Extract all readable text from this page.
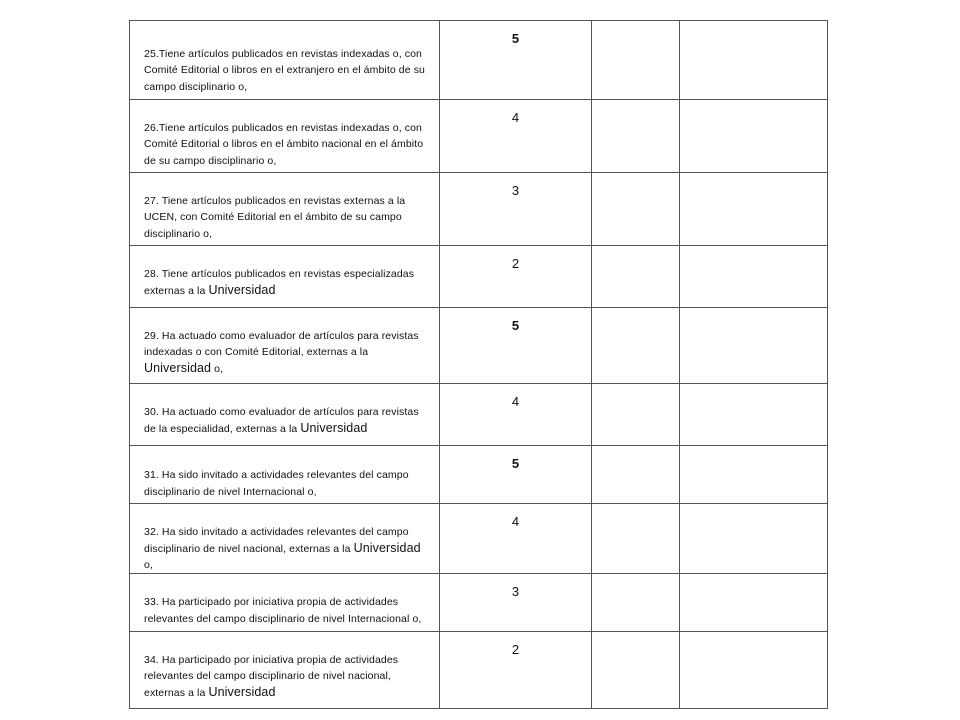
25.Tiene artículos publicados en revistas indexadas o, con Comité Editorial o libros en el extranjero en el ámbito de su campo disciplinario o,	5		

26.Tiene artículos publicados en revistas indexadas o, con Comité Editorial o libros en el ámbito nacional en el ámbito de su campo disciplinario o,	4		

27. Tiene artículos publicados en revistas externas a la UCEN, con Comité Editorial en el ámbito de su campo disciplinario o,	3		

28. Tiene artículos publicados en revistas especializadas externas a la Universidad	2		

29. Ha actuado como evaluador de artículos para revistas indexadas o con Comité Editorial, externas a la Universidad o,	5		

30. Ha actuado como evaluador de artículos para revistas de la especialidad, externas a la Universidad	4		

31. Ha sido invitado a actividades relevantes del campo disciplinario de nivel Internacional o,	5		

32. Ha sido invitado a actividades relevantes del campo disciplinario de nivel nacional, externas a la Universidad o,	4		

33. Ha participado por iniciativa propia de actividades relevantes del campo disciplinario de nivel Internacional o,	3		

34. Ha participado por iniciativa propia de actividades relevantes del campo disciplinario de nivel nacional, externas a la Universidad	2		
